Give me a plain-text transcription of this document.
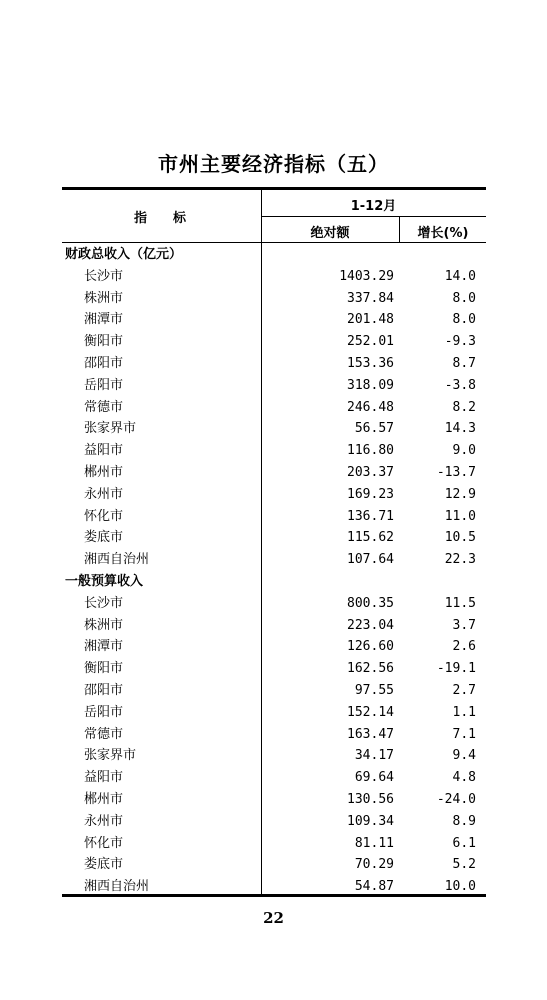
市州主要经济指标（五）
指　　标
1-12月
绝对额	增长(%)
财政总收入（亿元）
长沙市	1403.29	14.0
株洲市	337.84	8.0
湘潭市	201.48	8.0
衡阳市	252.01	-9.3
邵阳市	153.36	8.7
岳阳市	318.09	-3.8
常德市	246.48	8.2
张家界市	56.57	14.3
益阳市	116.80	9.0
郴州市	203.37	-13.7
永州市	169.23	12.9
怀化市	136.71	11.0
娄底市	115.62	10.5
湘西自治州	107.64	22.3
一般预算收入
长沙市	800.35	11.5
株洲市	223.04	3.7
湘潭市	126.60	2.6
衡阳市	162.56	-19.1
邵阳市	97.55	2.7
岳阳市	152.14	1.1
常德市	163.47	7.1
张家界市	34.17	9.4
益阳市	69.64	4.8
郴州市	130.56	-24.0
永州市	109.34	8.9
怀化市	81.11	6.1
娄底市	70.29	5.2
湘西自治州	54.87	10.0
22
